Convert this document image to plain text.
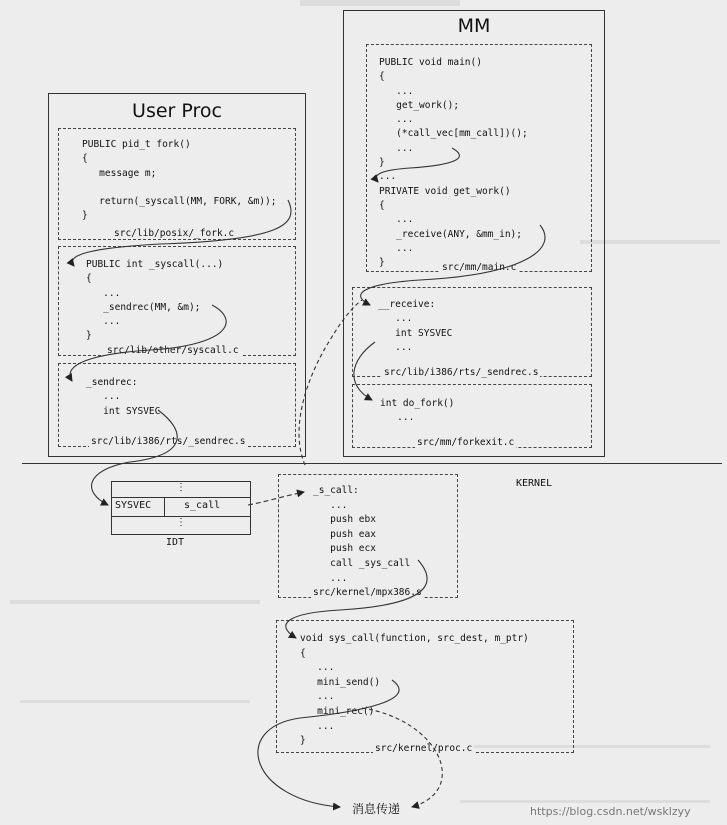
User Proc
PUBLIC pid_t fork()
{
message m;

return(_syscall(MM, FORK, &m));
}
src/lib/posix/_fork.c
PUBLIC int _syscall(...)
{
...
_sendrec(MM, &m);
...
}
src/lib/other/syscall.c
_sendrec:
...
int SYSVEC
src/lib/i386/rts/_sendrec.s
MM
PUBLIC void main()
{
...
get_work();
...
(*call_vec[mm_call])();
...
}
...
PRIVATE void get_work()
{
...
_receive(ANY, &mm_in);
...
}	src/mm/main.c
__receive:
...
int SYSVEC
...
src/lib/i386/rts/_sendrec.s
int do_fork()
...
src/mm/forkexit.c
KERNEL
⋮
SYSVEC	s_call
⋮
IDT
_s_call:
...
push ebx
push eax
push ecx
call _sys_call
...
src/kernel/mpx386.s
void sys_call(function, src_dest, m_ptr)
{
...
mini_send()
...
mini_rec()
...
}
src/kernel/proc.c
消息传递	https://blog.csdn.net/wsklzyy
